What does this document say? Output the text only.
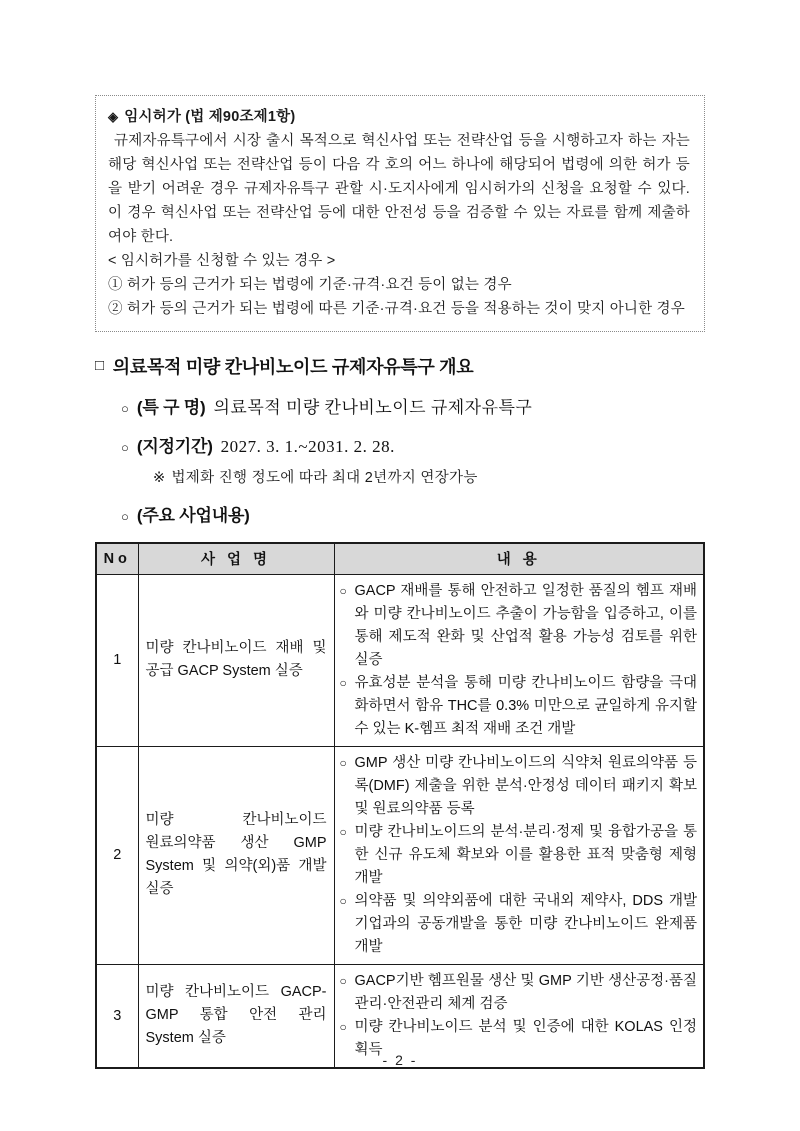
◈ 임시허가 (법 제90조제1항)
규제자유특구에서 시장 출시 목적으로 혁신사업 또는 전략산업 등을 시행하고자 하는 자는 해당 혁신사업 또는 전략산업 등이 다음 각 호의 어느 하나에 해당되어 법령에 의한 허가 등을 받기 어려운 경우 규제자유특구 관할 시·도지사에게 임시허가의 신청을 요청할 수 있다. 이 경우 혁신사업 또는 전략산업 등에 대한 안전성 등을 검증할 수 있는 자료를 함께 제출하여야 한다.
< 임시허가를 신청할 수 있는 경우 >
① 허가 등의 근거가 되는 법령에 기준·규격·요건 등이 없는 경우
② 허가 등의 근거가 되는 법령에 따른 기준·규격·요건 등을 적용하는 것이 맞지 아니한 경우
□ 의료목적 미량 칸나비노이드 규제자유특구 개요
○ (특 구 명) 의료목적 미량 칸나비노이드 규제자유특구
○ (지정기간) 2027. 3. 1.~2031. 2. 28.
※ 법제화 진행 정도에 따라 최대 2년까지 연장가능
○ (주요 사업내용)
No	사 업 명	내 용
1	미량 칸나비노이드 재배 및 공급 GACP System 실증	○ GACP 재배를 통해 안전하고 일정한 품질의 헴프 재배와 미량 칸나비노이드 추출이 가능함을 입증하고, 이를 통해 제도적 완화 및 산업적 활용 가능성 검토를 위한 실증
○ 유효성분 분석을 통해 미량 칸나비노이드 함량을 극대화하면서 함유 THC를 0.3% 미만으로 균일하게 유지할 수 있는 K-헴프 최적 재배 조건 개발

2	미량 칸나비노이드 원료의약품 생산 GMP System 및 의약(외)품 개발 실증	
○ GMP 생산 미량 칸나비노이드의 식약처 원료의약품 등록(DMF) 제출을 위한 분석·안정성 데이터 패키지 확보 및 원료의약품 등록
○ 미량 칸나비노이드의 분석·분리·정제 및 융합가공을 통한 신규 유도체 확보와 이를 활용한 표적 맞춤형 제형 개발
○ 의약품 및 의약외품에 대한 국내외 제약사, DDS 개발 기업과의 공동개발을 통한 미량 칸나비노이드 완제품 개발

3	미량 칸나비노이드 GACP-GMP 통합 안전 관리 System 실증	○ GACP기반 헴프원물 생산 및 GMP 기반 생산공정·품질관리·안전관리 체계 검증
○ 미량 칸나비노이드 분석 및 인증에 대한 KOLAS 인정 획득
- 2 -
